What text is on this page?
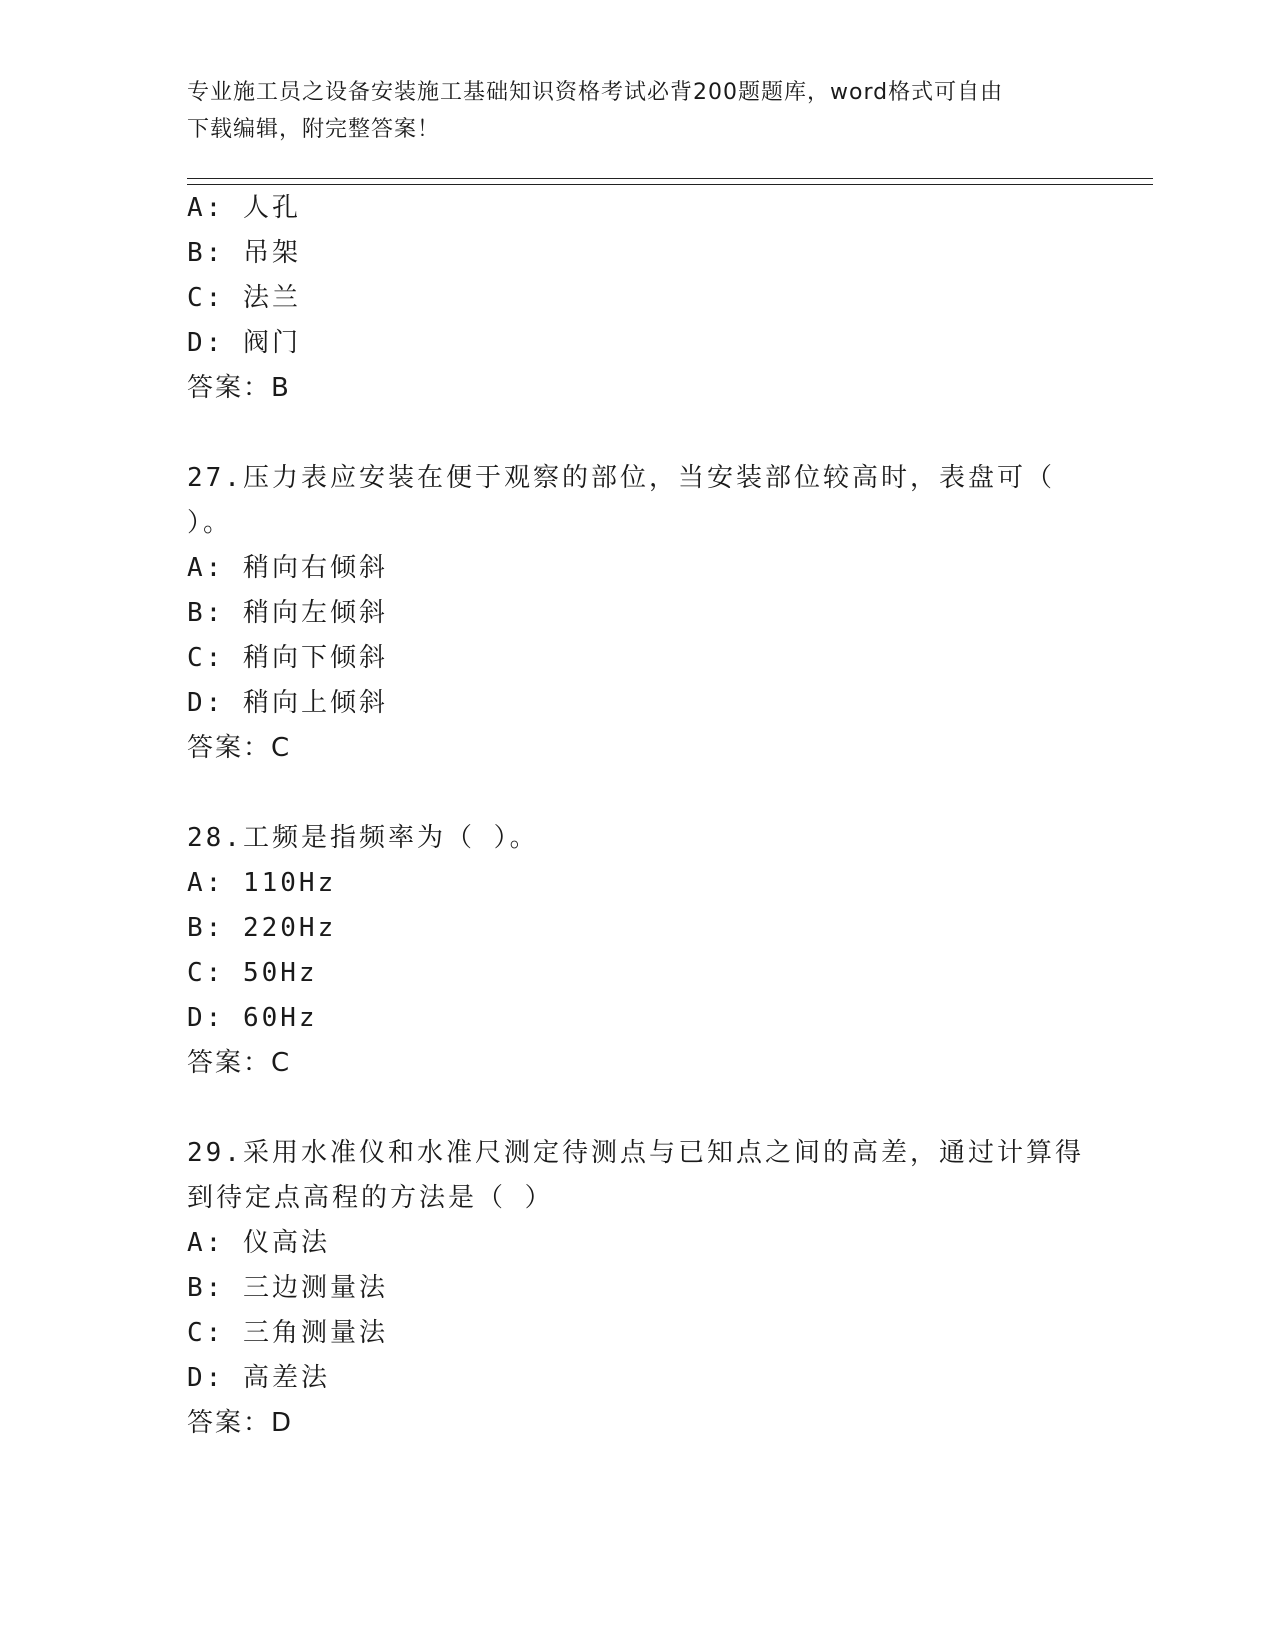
专业施工员之设备安装施工基础知识资格考试必背200题题库，word格式可自由
下载编辑，附完整答案！
A: 人孔
B: 吊架
C: 法兰
D: 阀门
答案：B
27.压力表应安装在便于观察的部位，当安装部位较高时，表盘可（
）。
A: 稍向右倾斜
B: 稍向左倾斜
C: 稍向下倾斜
D: 稍向上倾斜
答案：C
28.工频是指频率为（ ）。
A: 110Hz
B: 220Hz
C: 50Hz
D: 60Hz
答案：C
29.采用水准仪和水准尺测定待测点与已知点之间的高差，通过计算得
到待定点高程的方法是（ ）
A: 仪高法
B: 三边测量法
C: 三角测量法
D: 高差法
答案：D
